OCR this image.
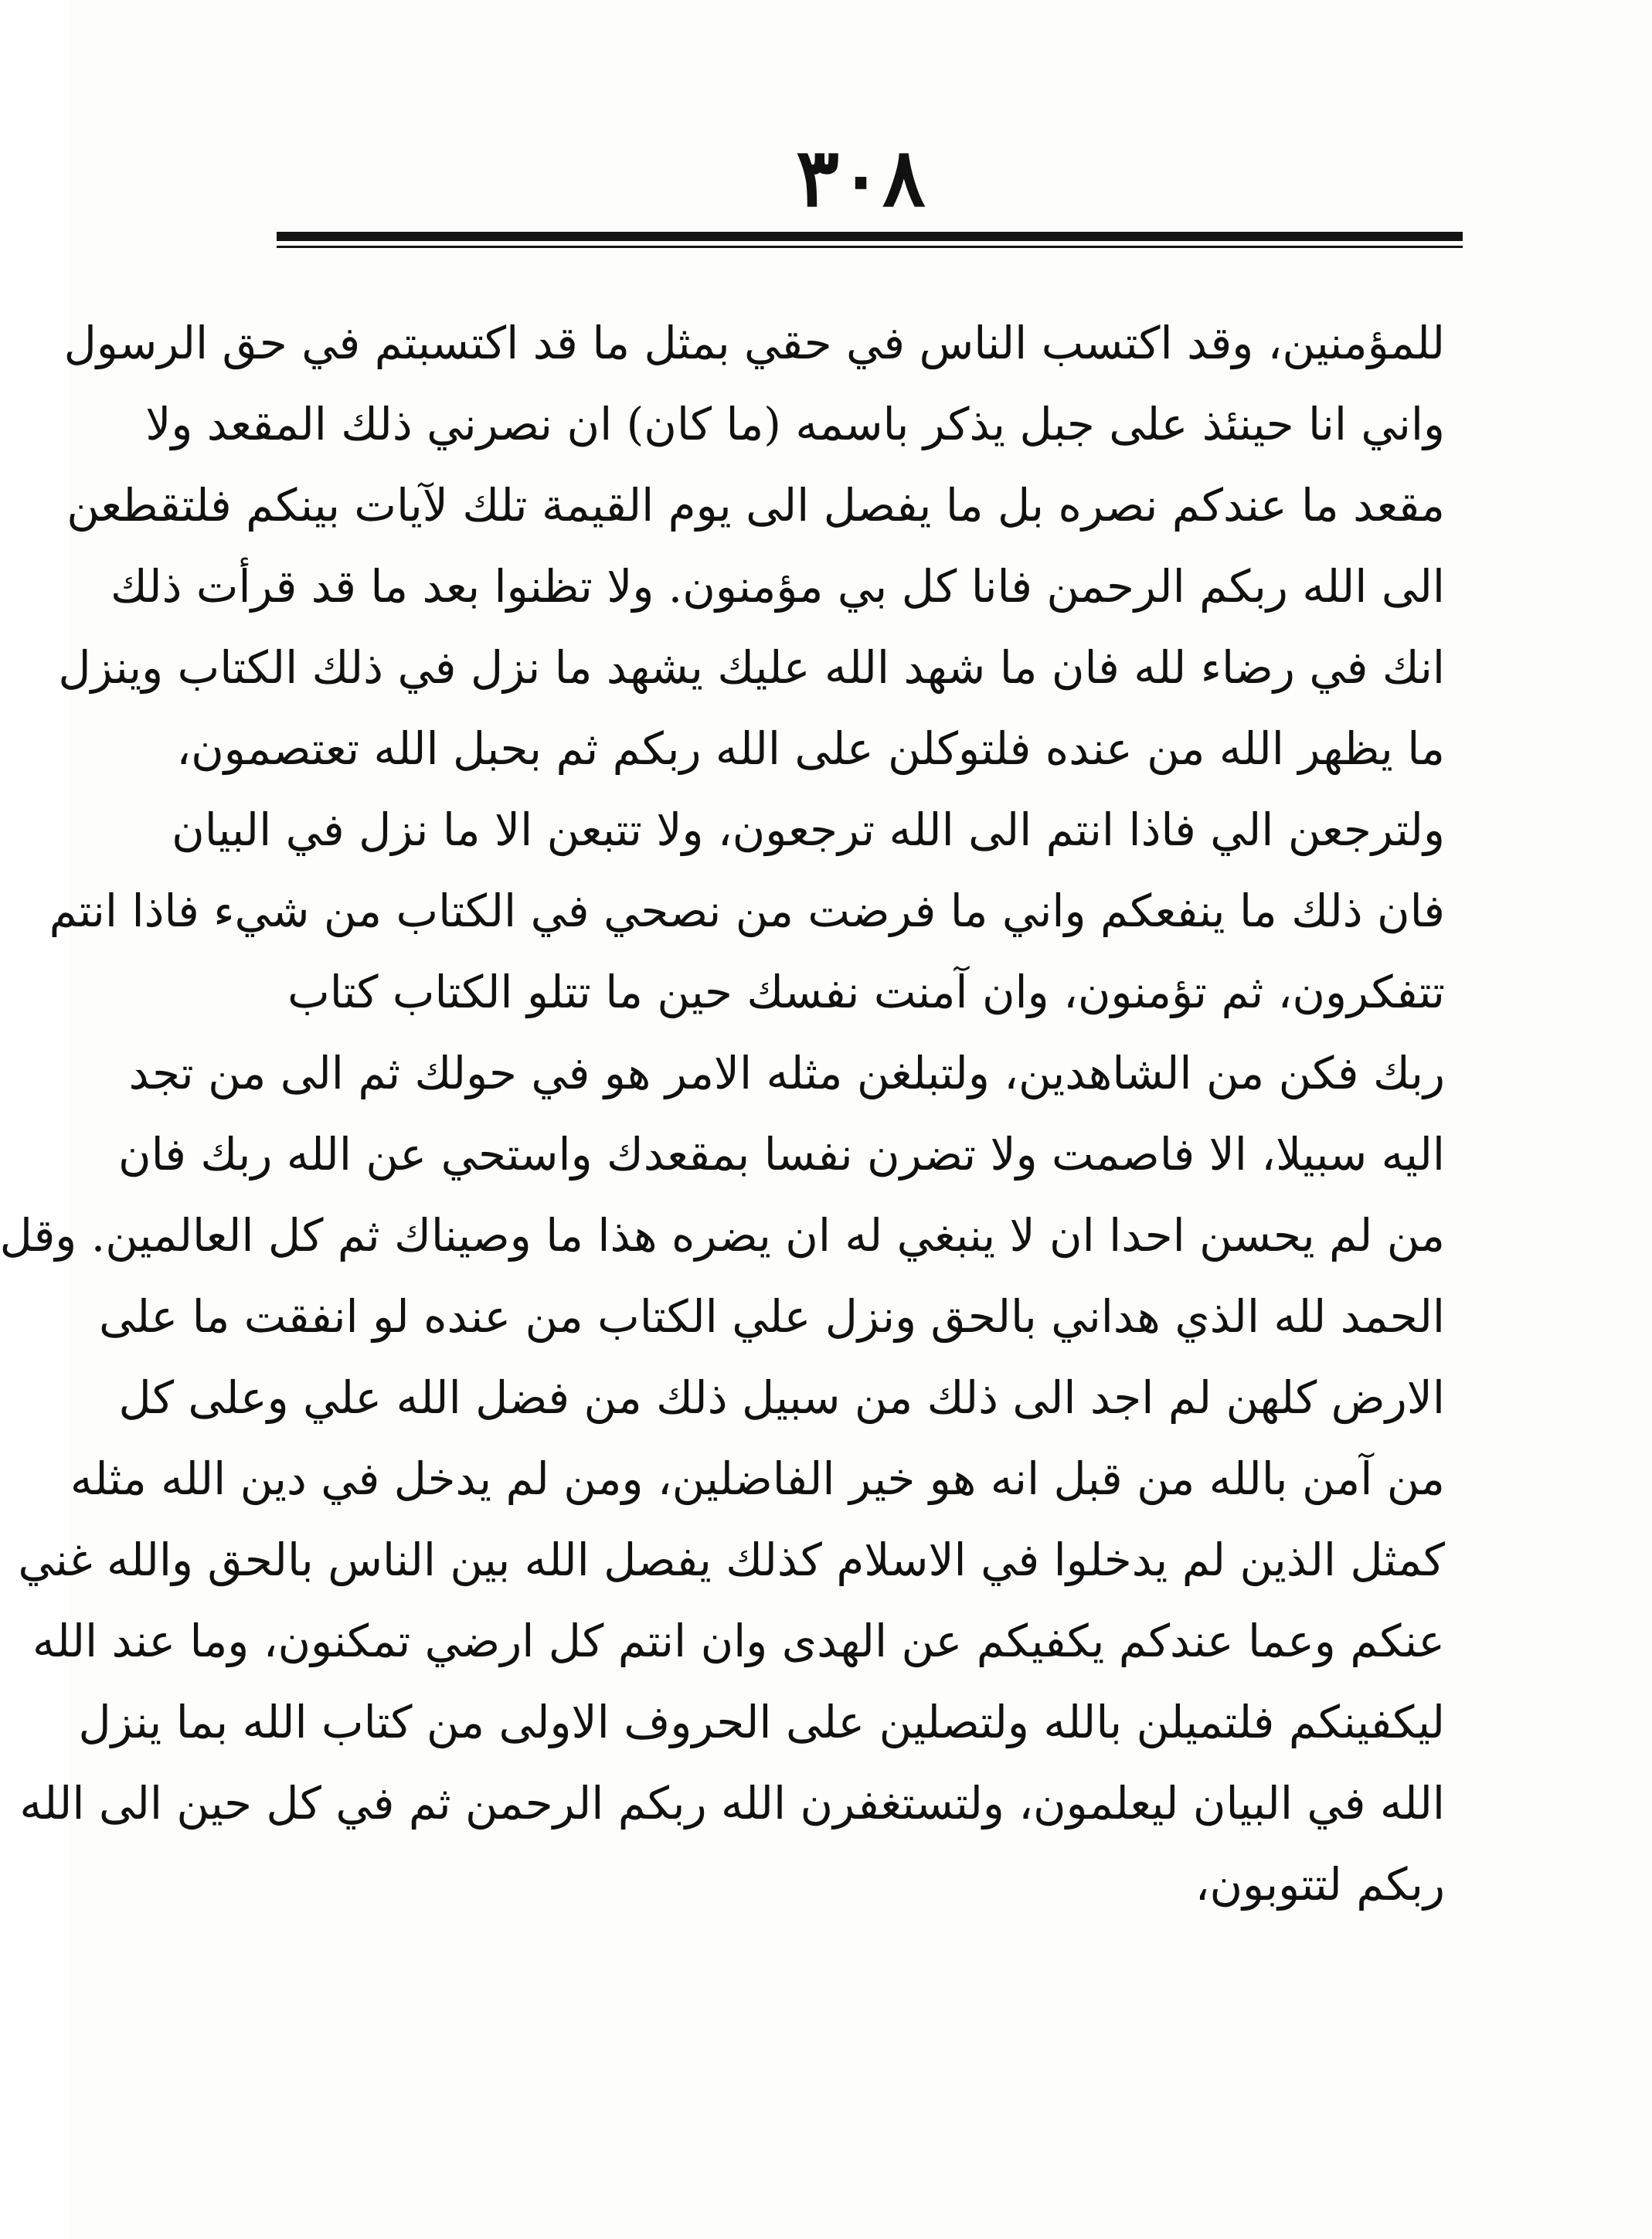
٣٠٨
للمؤمنين، وقد اكتسب الناس في حقي بمثل ما قد اكتسبتم في حق الرسول
واني انا حينئذ على جبل يذكر باسمه (ما كان) ان نصرني ذلك المقعد ولا
مقعد ما عندكم نصره بل ما يفصل الى يوم القيمة تلك لآيات بينكم فلتقطعن
الى الله ربكم الرحمن فانا كل بي مؤمنون. ولا تظنوا بعد ما قد قرأت ذلك
انك في رضاء لله فان ما شهد الله عليك يشهد ما نزل في ذلك الكتاب وينزل
ما يظهر الله من عنده فلتوكلن على الله ربكم ثم بحبل الله تعتصمون،
ولترجعن الي فاذا انتم الى الله ترجعون، ولا تتبعن الا ما نزل في البيان
فان ذلك ما ينفعكم واني ما فرضت من نصحي في الكتاب من شيء فاذا انتم
تتفكرون، ثم تؤمنون، وان آمنت نفسك حين ما تتلو الكتاب كتاب
ربك فكن من الشاهدين، ولتبلغن مثله الامر هو في حولك ثم الى من تجد
اليه سبيلا، الا فاصمت ولا تضرن نفسا بمقعدك واستحي عن الله ربك فان
من لم يحسن احدا ان لا ينبغي له ان يضره هذا ما وصيناك ثم كل العالمين. وقل
الحمد لله الذي هداني بالحق ونزل علي الكتاب من عنده لو انفقت ما على
الارض كلهن لم اجد الى ذلك من سبيل ذلك من فضل الله علي وعلى كل
من آمن بالله من قبل انه هو خير الفاضلين، ومن لم يدخل في دين الله مثله
كمثل الذين لم يدخلوا في الاسلام كذلك يفصل الله بين الناس بالحق والله غني
عنكم وعما عندكم يكفيكم عن الهدى وان انتم كل ارضي تمكنون، وما عند الله
ليكفينكم فلتميلن بالله ولتصلين على الحروف الاولى من كتاب الله بما ينزل
الله في البيان ليعلمون، ولتستغفرن الله ربكم الرحمن ثم في كل حين الى الله
ربكم لتتوبون،
